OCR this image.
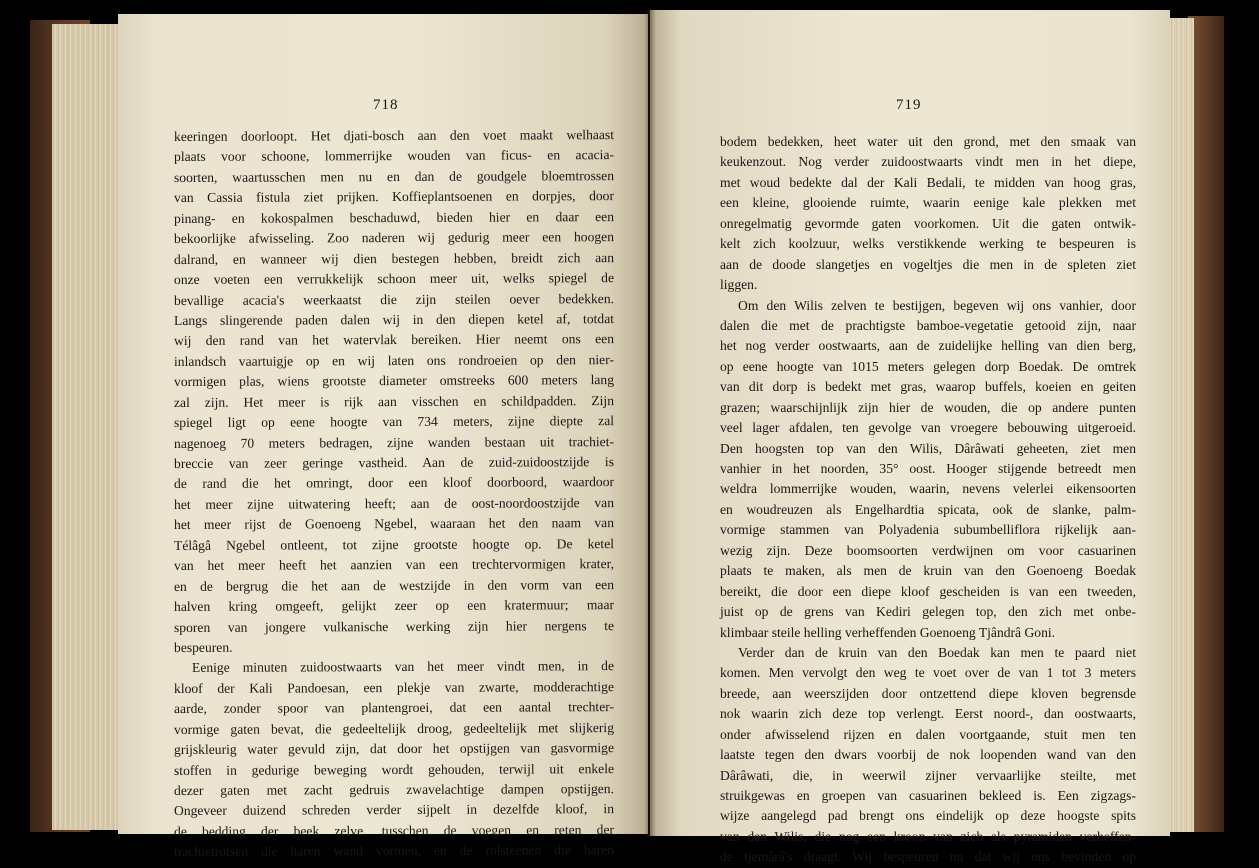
718
keeringen doorloopt. Het djati-bosch aan den voet maakt welhaast
plaats voor schoone, lommerrijke wouden van ficus- en acacia-
soorten, waartusschen men nu en dan de goudgele bloemtrossen
van Cassia fistula ziet prijken. Koffieplantsoenen en dorpjes, door
pinang- en kokospalmen beschaduwd, bieden hier en daar een
bekoorlijke afwisseling. Zoo naderen wij gedurig meer een hoogen
dalrand, en wanneer wij dien bestegen hebben, breidt zich aan
onze voeten een verrukkelijk schoon meer uit, welks spiegel de
bevallige acacia's weerkaatst die zijn steilen oever bedekken.
Langs slingerende paden dalen wij in den diepen ketel af, totdat
wij den rand van het watervlak bereiken. Hier neemt ons een
inlandsch vaartuigje op en wij laten ons rondroeien op den nier-
vormigen plas, wiens grootste diameter omstreeks 600 meters lang
zal zijn. Het meer is rijk aan visschen en schildpadden. Zijn
spiegel ligt op eene hoogte van 734 meters, zijne diepte zal
nagenoeg 70 meters bedragen, zijne wanden bestaan uit trachiet-
breccie van zeer geringe vastheid. Aan de zuid-zuidoostzijde is
de rand die het omringt, door een kloof doorboord, waardoor
het meer zijne uitwatering heeft; aan de oost-noordoostzijde van
het meer rijst de Goenoeng Ngebel, waaraan het den naam van
Télâgâ Ngebel ontleent, tot zijne grootste hoogte op. De ketel
van het meer heeft het aanzien van een trechtervormigen krater,
en de bergrug die het aan de westzijde in den vorm van een
halven kring omgeeft, gelijkt zeer op een kratermuur; maar
sporen van jongere vulkanische werking zijn hier nergens te
bespeuren.
Eenige minuten zuidoostwaarts van het meer vindt men, in de
kloof der Kali Pandoesan, een plekje van zwarte, modderachtige
aarde, zonder spoor van plantengroei, dat een aantal trechter-
vormige gaten bevat, die gedeeltelijk droog, gedeeltelijk met slijkerig
grijskleurig water gevuld zijn, dat door het opstijgen van gasvormige
stoffen in gedurige beweging wordt gehouden, terwijl uit enkele
dezer gaten met zacht gedruis zwavelachtige dampen opstijgen.
Ongeveer duizend schreden verder sijpelt in dezelfde kloof, in
de bedding der beek zelve, tusschen de voegen en reten der
trachietrotsen die haren wand vormen, en de rolsteenen die haren
719
bodem bedekken, heet water uit den grond, met den smaak van
keukenzout. Nog verder zuidoostwaarts vindt men in het diepe,
met woud bedekte dal der Kali Bedali, te midden van hoog gras,
een kleine, glooiende ruimte, waarin eenige kale plekken met
onregelmatig gevormde gaten voorkomen. Uit die gaten ontwik-
kelt zich koolzuur, welks verstikkende werking te bespeuren is
aan de doode slangetjes en vogeltjes die men in de spleten ziet
liggen.
Om den Wilis zelven te bestijgen, begeven wij ons vanhier, door
dalen die met de prachtigste bamboe-vegetatie getooid zijn, naar
het nog verder oostwaarts, aan de zuidelijke helling van dien berg,
op eene hoogte van 1015 meters gelegen dorp Boedak. De omtrek
van dit dorp is bedekt met gras, waarop buffels, koeien en geiten
grazen; waarschijnlijk zijn hier de wouden, die op andere punten
veel lager afdalen, ten gevolge van vroegere bebouwing uitgeroeid.
Den hoogsten top van den Wilis, Dârâwati geheeten, ziet men
vanhier in het noorden, 35° oost. Hooger stijgende betreedt men
weldra lommerrijke wouden, waarin, nevens velerlei eikensoorten
en woudreuzen als Engelhardtia spicata, ook de slanke, palm-
vormige stammen van Polyadenia subumbelliflora rijkelijk aan-
wezig zijn. Deze boomsoorten verdwijnen om voor casuarinen
plaats te maken, als men de kruin van den Goenoeng Boedak
bereikt, die door een diepe kloof gescheiden is van een tweeden,
juist op de grens van Kediri gelegen top, den zich met onbe-
klimbaar steile helling verheffenden Goenoeng Tjândrâ Goni.
Verder dan de kruin van den Boedak kan men te paard niet
komen. Men vervolgt den weg te voet over de van 1 tot 3 meters
breede, aan weerszijden door ontzettend diepe kloven begrensde
nok waarin zich deze top verlengt. Eerst noord-, dan oostwaarts,
onder afwisselend rijzen en dalen voortgaande, stuit men ten
laatste tegen den dwars voorbij de nok loopenden wand van den
Dârâwati, die, in weerwil zijner vervaarlijke steilte, met
struikgewas en groepen van casuarinen bekleed is. Een zigzags-
wijze aangelegd pad brengt ons eindelijk op deze hoogste spits
van den Wilis, die nog een kroon van zich als pyramiden verheffen-
de tjemârâ's draagt. Wij bespeuren nu dat wij ons bevinden op
